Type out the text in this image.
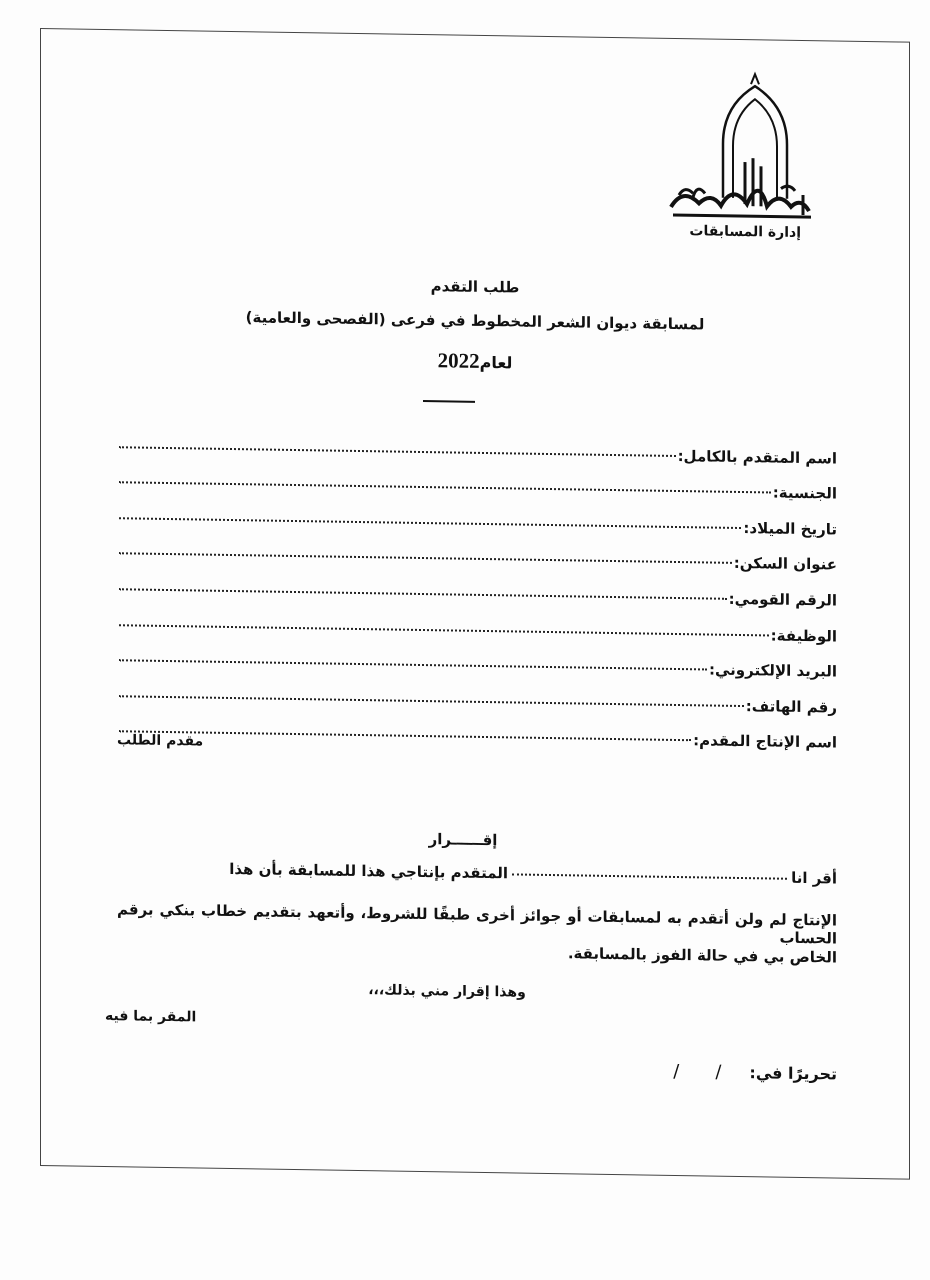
إدارة المسابقات
طلب التقدم
لمسابقة ديوان الشعر المخطوط في فرعى (الفصحى والعامية)
لعام2022
اسم المتقدم بالكامل:
الجنسية:
تاريخ الميلاد:
عنوان السكن:
الرقم القومي:
الوظيفة:
البريد الإلكتروني:
رقم الهاتف:
اسم الإنتاج المقدم:
مقدم الطلب
إقــــــرار
أقر انا
المتقدم بإنتاجي هذا للمسابقة بأن هذا
الإنتاج لم ولن أتقدم به لمسابقات أو جوائز أخرى طبقًا للشروط، وأتعهد بتقديم خطاب بنكي برقم الحساب
الخاص بي في حالة الفوز بالمسابقة.
وهذا إقرار مني بذلك،،،
المقر بما فيه
تحريرًا في:
/
/
